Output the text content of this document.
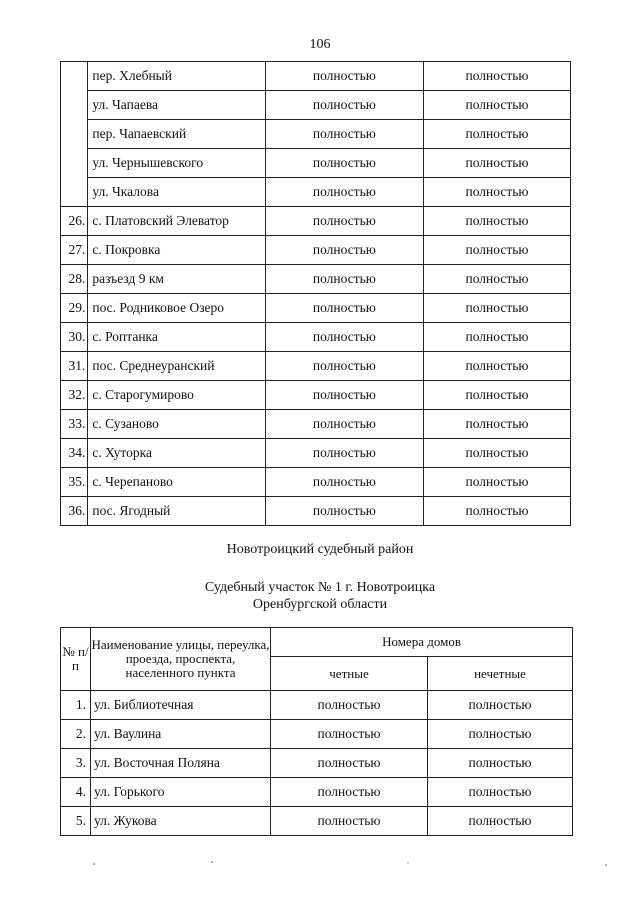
106
	пер. Хлебный	полностью	полностью
	ул. Чапаева	полностью	полностью
	пер. Чапаевский	полностью	полностью
	ул. Чернышевского	полностью	полностью
	ул. Чкалова	полностью	полностью
26.	с. Платовский Элеватор	полностью	полностью
27.	с. Покровка	полностью	полностью
28.	разъезд 9 км	полностью	полностью
29.	пос. Родниковое Озеро	полностью	полностью
30.	с. Роптанка	полностью	полностью
31.	пос. Среднеуранский	полностью	полностью
32.	с. Старогумирово	полностью	полностью
33.	с. Сузаново	полностью	полностью
34.	с. Хуторка	полностью	полностью
35.	с. Черепаново	полностью	полностью
36.	пос. Ягодный	полностью	полностью
Новотроицкий судебный район
Судебный участок № 1 г. Новотроицка
Оренбургской области
№ п/п	Наименование улицы, переулка, проезда, проспекта, населенного пункта	Номера домов	
		четные	нечетные
1.	ул. Библиотечная	полностью	полностью
2.	ул. Ваулина	полностью	полностью
3.	ул. Восточная Поляна	полностью	полностью
4.	ул. Горького	полностью	полностью
5.	ул. Жукова	полностью	полностью
